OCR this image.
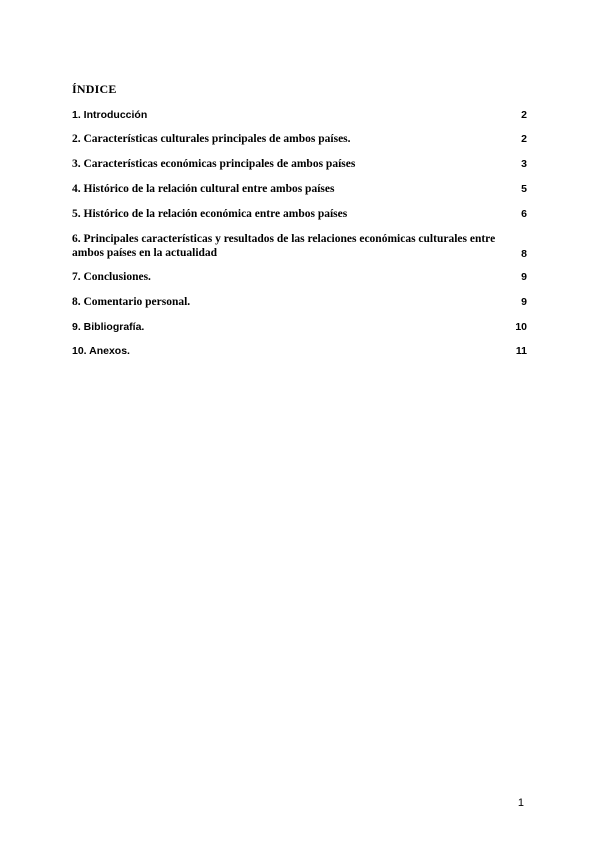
ÍNDICE
1. Introducción	2
2. Características culturales principales de ambos países.	2
3. Características económicas principales de ambos países	3
4. Histórico de la relación cultural entre ambos países	5
5. Histórico de la relación económica entre ambos países	6
6. Principales características y resultados de las relaciones económicas culturales entre ambos países en la actualidad	8
7. Conclusiones.	9
8. Comentario personal.	9
9. Bibliografía.	10
10. Anexos.	11
1
